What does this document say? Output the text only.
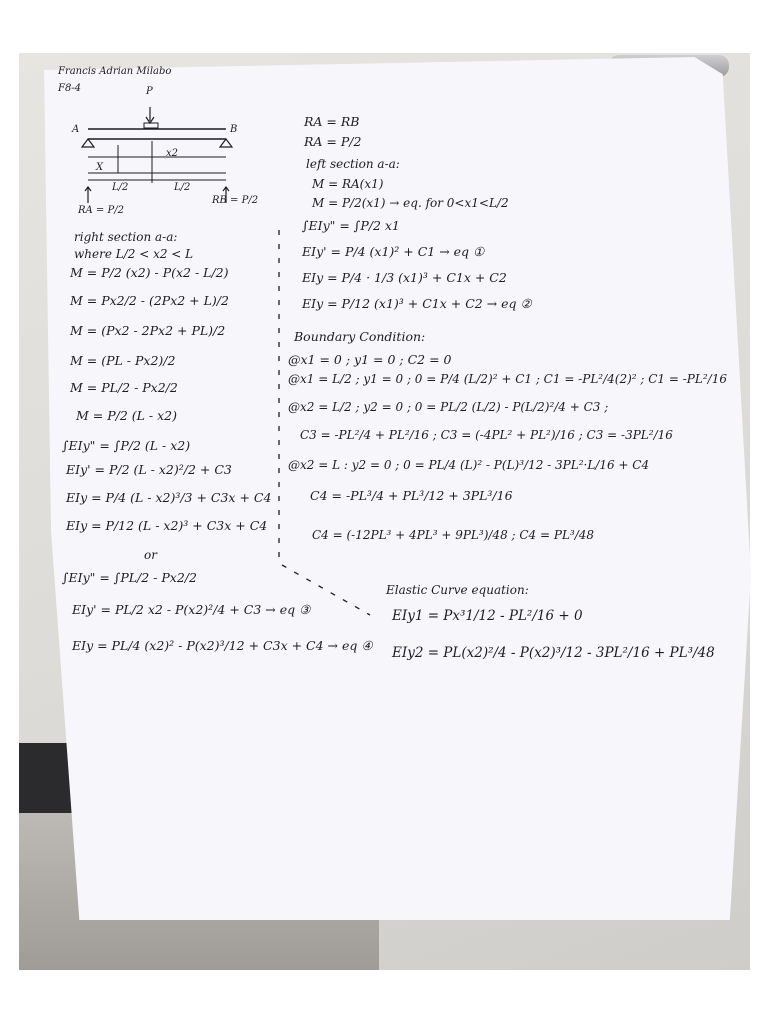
Francis Adrian Milabo
F8-4	P
A	B
X
x2
L/2	L/2
RA = P/2
RB = P/2
right section a-a:
where L/2 < x2 < L
M = P/2 (x2) - P(x2 - L/2)
M = Px2/2 - (2Px2 + L)/2
M = (Px2 - 2Px2 + PL)/2
M = (PL - Px2)/2
M = PL/2 - Px2/2
M = P/2 (L - x2)
∫EIy" = ∫P/2 (L - x2)
EIy' = P/2 (L - x2)²/2 + C3
EIy = P/4 (L - x2)³/3 + C3x + C4
EIy = P/12 (L - x2)³ + C3x + C4
or
∫EIy" = ∫PL/2 - Px2/2
EIy' = PL/2 x2 - P(x2)²/4 + C3 → eq ③
EIy = PL/4 (x2)² - P(x2)³/12 + C3x + C4 → eq ④
RA = RB
RA = P/2
left section a-a:
M = RA(x1)
M = P/2(x1) → eq. for 0<x1<L/2
∫EIy" = ∫P/2 x1
EIy' = P/4 (x1)² + C1 → eq ①
EIy = P/4 · 1/3 (x1)³ + C1x + C2
EIy = P/12 (x1)³ + C1x + C2 → eq ②
Boundary Condition:
@x1 = 0 ; y1 = 0 ; C2 = 0
@x1 = L/2 ; y1 = 0 ; 0 = P/4 (L/2)² + C1 ; C1 = -PL²/4(2)² ; C1 = -PL²/16
@x2 = L/2 ; y2 = 0 ; 0 = PL/2 (L/2) - P(L/2)²/4 + C3 ;
C3 = -PL²/4 + PL²/16 ; C3 = (-4PL² + PL²)/16 ; C3 = -3PL²/16
@x2 = L : y2 = 0 ; 0 = PL/4 (L)² - P(L)³/12 - 3PL²·L/16 + C4
C4 = -PL³/4 + PL³/12 + 3PL³/16
C4 = (-12PL³ + 4PL³ + 9PL³)/48 ; C4 = PL³/48
Elastic Curve equation:
EIy1 = Px³1/12 - PL²/16 + 0
EIy2 = PL(x2)²/4 - P(x2)³/12 - 3PL²/16 + PL³/48
